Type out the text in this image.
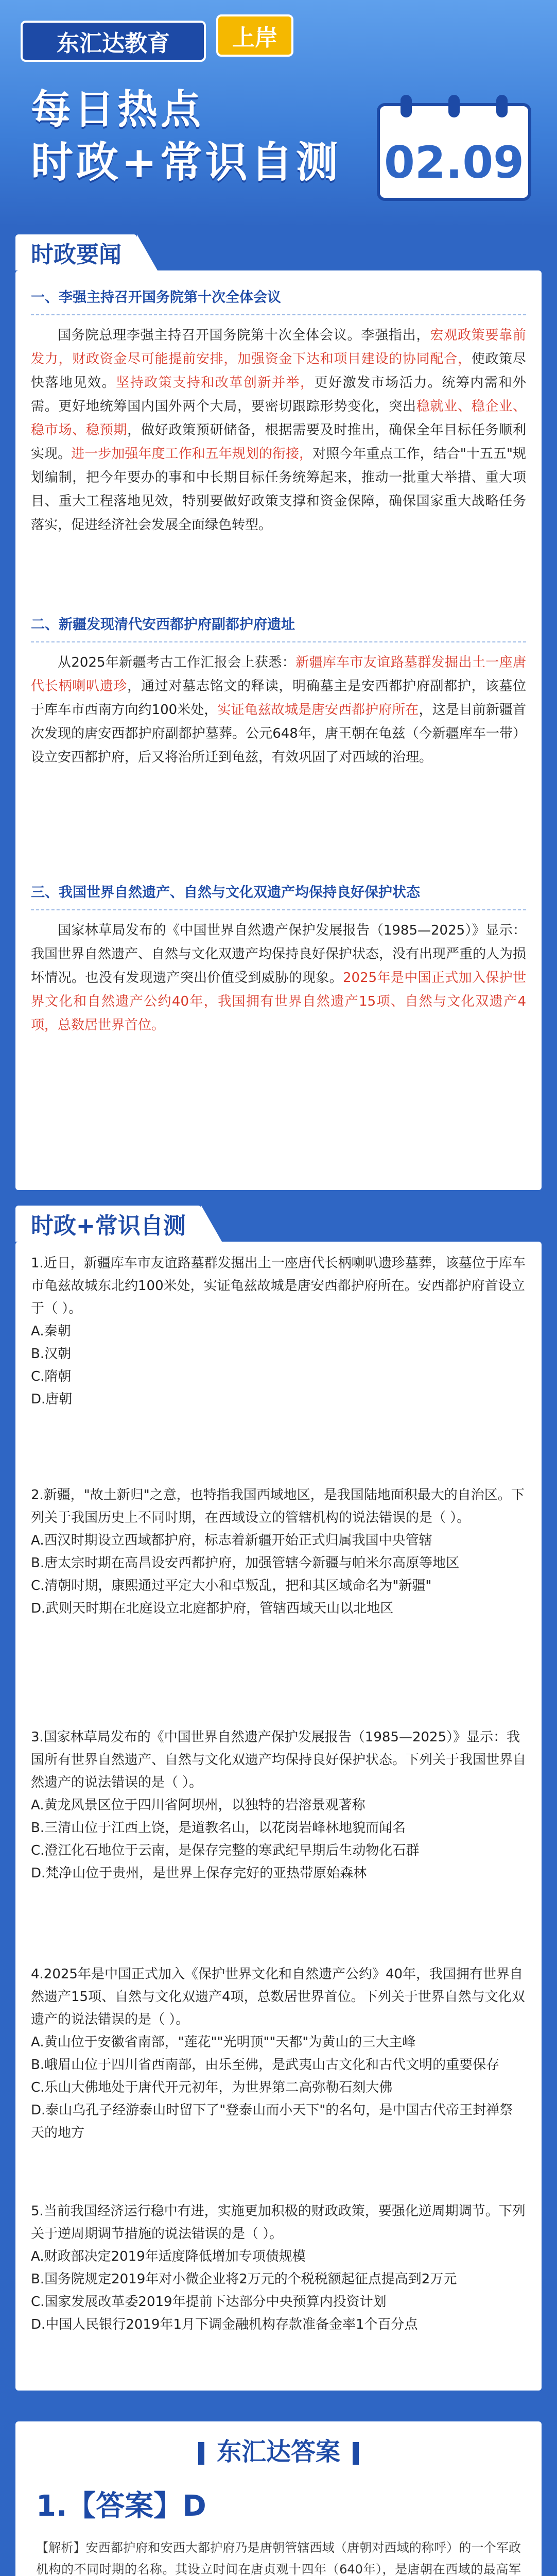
东汇达教育	上岸
每日热点
时政+常识自测 02.09
时政要闻
一、李强主持召开国务院第十次全体会议

国务院总理李强主持召开国务院第十次全体会议。李强指出，宏观政策要靠前发力，财政资金尽可能提前安排，加强资金下达和项目建设的协同配合，使政策尽快落地见效。坚持政策支持和改革创新并举，更好激发市场活力。统筹内需和外需。更好地统筹国内国外两个大局，要密切跟踪形势变化，突出稳就业、稳企业、稳市场、稳预期，做好政策预研储备，根据需要及时推出，确保全年目标任务顺利实现。进一步加强年度工作和五年规划的衔接，对照今年重点工作，结合"十五五"规划编制，把今年要办的事和中长期目标任务统筹起来，推动一批重大举措、重大项目、重大工程落地见效，特别要做好政策支撑和资金保障，确保国家重大战略任务落实，促进经济社会发展全面绿色转型。

二、新疆发现清代安西都护府副都护府遗址

从2025年新疆考古工作汇报会上获悉：新疆库车市友谊路墓群发掘出土一座唐代长柄喇叭遗珍，通过对墓志铭文的释读，明确墓主是安西都护府副都护，该墓位于库车市西南方向约100米处，实证龟兹故城是唐安西都护府所在，这是目前新疆首次发现的唐安西都护府副都护墓葬。公元648年，唐王朝在龟兹（今新疆库车一带）设立安西都护府，后又将治所迁到龟兹，有效巩固了对西域的治理。

三、我国世界自然遗产、自然与文化双遗产均保持良好保护状态

国家林草局发布的《中国世界自然遗产保护发展报告（1985—2025）》显示：我国世界自然遗产、自然与文化双遗产均保持良好保护状态，没有出现严重的人为损坏情况。也没有发现遗产突出价值受到威胁的现象。2025年是中国正式加入保护世界文化和自然遗产公约40年，我国拥有世界自然遗产15项、自然与文化双遗产4项，总数居世界首位。

时政+常识自测

1.近日，新疆库车市友谊路墓群发掘出土一座唐代长柄喇叭遗珍墓葬，该墓位于库车市龟兹故城东北约100米处，实证龟兹故城是唐安西都护府所在。安西都护府首设立于（ ）。

A.秦朝

B.汉朝

C.隋朝

D.唐朝

2.新疆，"故土新归"之意，也特指我国西域地区，是我国陆地面积最大的自治区。下列关于我国历史上不同时期，在西域设立的管辖机构的说法错误的是（ ）。

A.西汉时期设立西域都护府，标志着新疆开始正式归属我国中央管辖

B.唐太宗时期在高昌设安西都护府，加强管辖今新疆与帕米尔高原等地区

C.清朝时期，康熙通过平定大小和卓叛乱，把和其区域命名为"新疆"

D.武则天时期在北庭设立北庭都护府，管辖西域天山以北地区

3.国家林草局发布的《中国世界自然遗产保护发展报告（1985—2025）》显示：我国所有世界自然遗产、自然与文化双遗产均保持良好保护状态。下列关于我国世界自然遗产的说法错误的是（ ）。

A.黄龙风景区位于四川省阿坝州，以独特的岩溶景观著称

B.三清山位于江西上饶，是道教名山，以花岗岩峰林地貌而闻名

C.澄江化石地位于云南，是保存完整的寒武纪早期后生动物化石群

D.梵净山位于贵州，是世界上保存完好的亚热带原始森林

4.2025年是中国正式加入《保护世界文化和自然遗产公约》40年，我国拥有世界自然遗产15项、自然与文化双遗产4项，总数居世界首位。下列关于世界自然与文化双遗产的说法错误的是（ ）。

A.黄山位于安徽省南部，"莲花""光明顶""天都"为黄山的三大主峰

B.峨眉山位于四川省西南部，由乐至佛，是武夷山古文化和古代文明的重要保存

C.乐山大佛地处于唐代开元初年，为世界第二高弥勒石刻大佛

D.泰山乌孔子经游泰山时留下了"登泰山而小天下"的名句，是中国古代帝王封禅祭天的地方

5.当前我国经济运行稳中有进，实施更加积极的财政政策，要强化逆周期调节。下列关于逆周期调节措施的说法错误的是（ ）。

A.财政部决定2019年适度降低增加专项债规模

B.国务院规定2019年对小微企业将2万元的个税税额起征点提高到2万元

C.国家发展改革委2019年提前下达部分中央预算内投资计划

D.中国人民银行2019年1月下调金融机构存款准备金率1个百分点

东汇达答案
1.【答案】D

【解析】安西都护府和安西大都护府乃是唐朝管辖西域（唐朝对西域的称呼）的一个军政机构的不同时期的名称。其设立时间在唐贞观十四年（640年），是唐朝在西域的最高军
